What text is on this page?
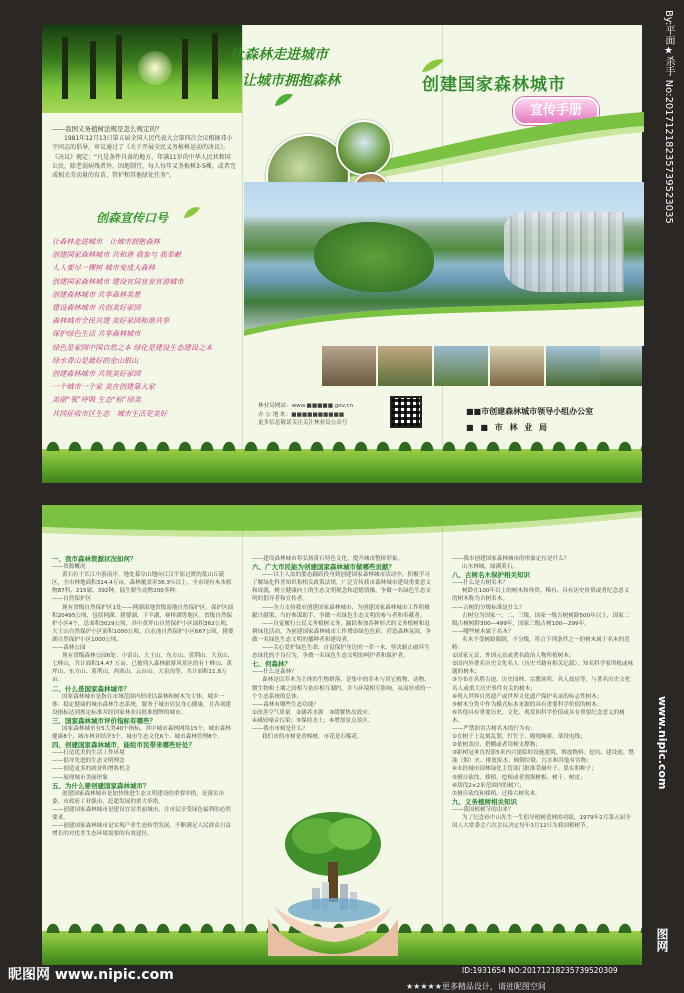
——我国义务植树法规是怎么规定的？

1981年12月13日第五届全国人民代表大会第四次会议根据邓小平同志的倡导，审议通过了《关于开展全民义务植树运动的决议》。《决议》规定：“凡是条件具备的地方，年满11岁的中华人民共和国公民，除老弱病残者外，因地制宜，每人每年义务植树3-5棵，或者完成相关劳动量的育苗、管护和其他绿化任务”。

创森宣传口号

让森林走进城市　让城市拥抱森林

创建国家森林城市 共和谐 我参与 我奉献

人人要尽一棵树 城市变成大森林

创建国家森林城市 建设宜居宜业宜游城市

创建森林城市 共享森林美景

建设森林城市 共创美好家园

森林城市全民共建 美好家园和谐共享

保护绿色生活 共享森林城市

绿色是家园中国自然之本 绿化是建设生态建设之本

绿水青山是最好的金山银山

创建森林城市 共筑美好家园

一个城市一个家 美在创建靠大家

美丽“氧”呼吸 生态“标”绿美

共同征收市区生态　城市生活更美好

让森林走进城市
让城市拥抱森林	创建国家森林城市
宣传手册

林业局网站：www.■■■■■.gov.cn

办 公 地 址：■■■■■■■■■■

更多信息敬请关注关注林业局公众号

■■市创建森林城市领导小组办公室
■ ■ 市 林 业 局

一、我市森林资源状况如何？

——资源概况

黄石位于长江中游南岸，地处幕阜山地向江汉平原过渡的低山丘陵区，全市林地面积314.4万亩，森林覆盖率36.3％以上。全市现有木本植物87科、215属、392种，陆生野生动物200多种。

——自然保护区

现有省级自然保护区1处——网湖湿地省级湿地自然保护区，保护区面积20495公顷，包括网湖、猪婆湖、下羊湖、赛桥湖等地区。省级自然保护小区4个，总面积3029公顷，其中黄坪山自然保护小区面积362公顷，大王山自然保护小区面积1000公顷，白水池自然保护小区667公顷，猪婆湖自然保护小区1000公顷。

——森林公园

现有省级森林公园6处：小雷山、大王山、东方山、黄荆山、大众山、七峰山，共计面积14.47 万亩。已被列入森林旅游风景区的有十峰山、黄坪山、东方山、黄荆山、西塞山、云台山、大泉沟等，共计面积11.8万亩。

二、什么是国家森林城市？

国家森林城市是指在市域范围内形成以森林和树木为主体，城乡一体、稳定健康的城市森林生态系统，服务于城市居民身心健康，且各项建设指标达到规定标准并经国家林业局批准授牌的城市。

三、国家森林城市评价指标有哪些？

国家森林城市有5大类40个指标，其中城市森林网络15个、城市森林健康8个、城市林业经济3个、城市生态文化6个、城市森林管理8个。

四、创建国家森林城市，能给市民带来哪些好处？

——打造优美的生活工作环境

——倡导先进的生态文明理念

——创造更多的就业和增收机会

——展现城市美丽形象

五、为什么要创建国家森林城市？

创建国家森林城市是加快推进生态文明建设的重要举措，是落实市委、市政府工业强市、赶超发展的重大举措。

——创建国家森林城市是建设宜居美丽城市，让市民享受绿色福利的必然要求。

——创建国家森林城市是实现产业生态转型发展，不断满足人民群众日益增长的对优美生态环境需要的有效途径。

——建设森林城市将弘扬黄石特色文化，提升城市整体形象。

六、广大市民能为创建国家森林城市做哪些贡献？

——以主人翁的姿态踊跃投身到创建国家森林城市活动中，积极学习了解绿化科普知识和相关政策法规，广泛宣传我市森林城市建设重要意义和成就，树立健康向上的生态文明观念和道德情操，争做一名绿色生态文明的倡导者和宣传者。

——全力支持我市创建国家森林城市，为创建国家森林城市工作积极献计献策，当好参谋助手，争做一名绿色生态文明的参与者和奉献者。

——自觉履行公民义务植树义务，踊跃参加各种形式的义务植树和退耕绿化活动，为创建国家森林城市工作增添绿色色彩，营造森林氛围，争做一名绿色生态文明的播种者和建设者。

——关心爱护绿色生命，自觉保护身边的一草一木，坚决制止破坏生态绿化的不良行为，争做一名绿色生态文明的呵护者和保护者。

七、何森林？

——什么是森林？

森林是以乔木为主体的生物群落，是集中的乔木与其它植物、动物、微生物和土壤之间相互依存相互制约，并与环境相互影响，从而形成的一个生态系统的总体。

——森林有哪些生态功能？

①改善空气质量　②涵养水源　③缓解热岛效应；

④减轻噪音污染；⑤保持水土；⑥增加景点景区。

——我市市树是什么？

我们市的市树是香樟树，市花是石榴花。

——我市创建国家森林城市的形象定位是什么？

山水林城，绿满黄石。

八、古树名木保护相关知识

——什么是古树名木？

树龄在100年以上的树木和珍贵、稀有、具有历史价值或者纪念意义的树木称为古树名木。

——古树的分级标准是什么？

古树分为国家一、二、三级，国家一级古树树龄500年以上，国家二级古树树龄300—499年，国家三级古树100—299年。

——哪些树木属于名木？

名木不受树龄限制，不分级。符合下列条件之一的树木属于名木的范畴：

①国家元首、外国元首或著名政治人物所植树木；

②国内外著名历史文化名人（历史书籍有相关记载）、知名科学家所植或咏题的树木；

③分布在名胜古迹、历史园林、宗教场所、名人故居等，与著名历史文化名人或重大历史事件有关的树木；

④列入世界自然遗产或世界文化遗产保护名录的标志性树木；

⑤树木分类中作为模式标本来源的具有重要科学价值的树木；

⑥其他具有重要历史、文化、观赏和科学价值或具有重要纪念意义的树木。

——严禁损害古树名木的行为有：

①在树干上乱刻乱划、钉钉子、缠绕绳索、架设电线；

②依树盖房、搭棚或者用树支撑物；

③距树冠垂直投影5米内兴建临时设施建筑、堆放物料、挖坑、建设池、燃油（烟）火、排放废水、倾倒垃圾、污水和其他有害物；

④未经城市园林绿化主管部门批准采摘叶子、果实和种子；

⑤擅自砍伐、移植、挖根或者割损树根、树干、树皮；

⑥刮伐2×2米范围内的树穴；

⑦擅自砍伐和移植、迁移古树名木。

九、义务植树相关知识

——我国植树节的由来？

为了纪念孙中山先生一生倡导植树造林的功绩，1979年2月第五届全国人大常委会六次会议决定每年3月12日为我国植树节。

By:平面★杀手 No:20171218235739523035
www.nipic.com
图网
昵图网 www.nipic.com	ID:1931654 NO:20171218235739520309
★★★★★更多精品设计，请进昵图空间
